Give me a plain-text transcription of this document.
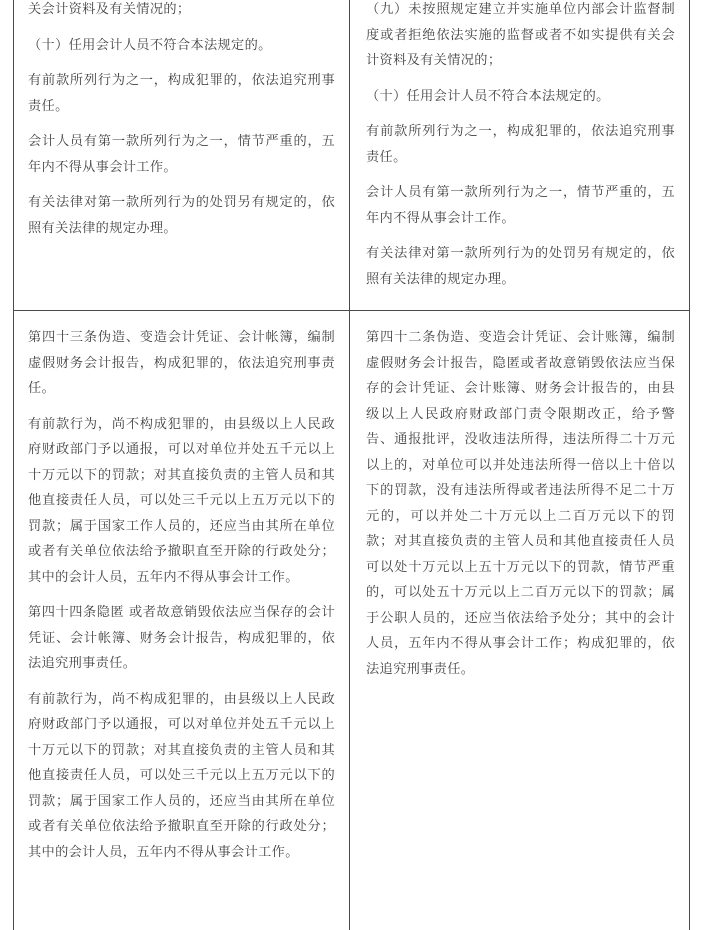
关会计资料及有关情况的；

（十）任用会计人员不符合本法规定的。

有前款所列行为之一，构成犯罪的，依法追究刑事责任。

会计人员有第一款所列行为之一，情节严重的，五年内不得从事会计工作。

有关法律对第一款所列行为的处罚另有规定的，依照有关法律的规定办理。

（九）未按照规定建立并实施单位内部会计监督制度或者拒绝依法实施的监督或者不如实提供有关会计资料及有关情况的；

（十）任用会计人员不符合本法规定的。

有前款所列行为之一，构成犯罪的，依法追究刑事责任。

会计人员有第一款所列行为之一，情节严重的，五年内不得从事会计工作。

有关法律对第一款所列行为的处罚另有规定的，依照有关法律的规定办理。

第四十三条伪造、变造会计凭证、会计帐簿，编制虚假财务会计报告，构成犯罪的，依法追究刑事责任。

有前款行为，尚不构成犯罪的，由县级以上人民政府财政部门予以通报，可以对单位并处五千元以上十万元以下的罚款；对其直接负责的主管人员和其他直接责任人员，可以处三千元以上五万元以下的罚款；属于国家工作人员的，还应当由其所在单位或者有关单位依法给予撤职直至开除的行政处分；其中的会计人员，五年内不得从事会计工作。

第四十四条隐匿 或者故意销毁依法应当保存的会计凭证、会计帐簿、财务会计报告，构成犯罪的，依法追究刑事责任。

有前款行为，尚不构成犯罪的，由县级以上人民政府财政部门予以通报，可以对单位并处五千元以上十万元以下的罚款；对其直接负责的主管人员和其他直接责任人员，可以处三千元以上五万元以下的罚款；属于国家工作人员的，还应当由其所在单位或者有关单位依法给予撤职直至开除的行政处分；其中的会计人员，五年内不得从事会计工作。

第四十二条伪造、变造会计凭证、会计账簿，编制虚假财务会计报告，隐匿或者故意销毁依法应当保存的会计凭证、会计账簿、财务会计报告的，由县级以上人民政府财政部门责令限期改正，给予警告、通报批评，没收违法所得，违法所得二十万元以上的，对单位可以并处违法所得一倍以上十倍以下的罚款，没有违法所得或者违法所得不足二十万元的，可以并处二十万元以上二百万元以下的罚款；对其直接负责的主管人员和其他直接责任人员可以处十万元以上五十万元以下的罚款，情节严重的，可以处五十万元以上二百万元以下的罚款；属于公职人员的，还应当依法给予处分；其中的会计人员，五年内不得从事会计工作；构成犯罪的，依法追究刑事责任。
